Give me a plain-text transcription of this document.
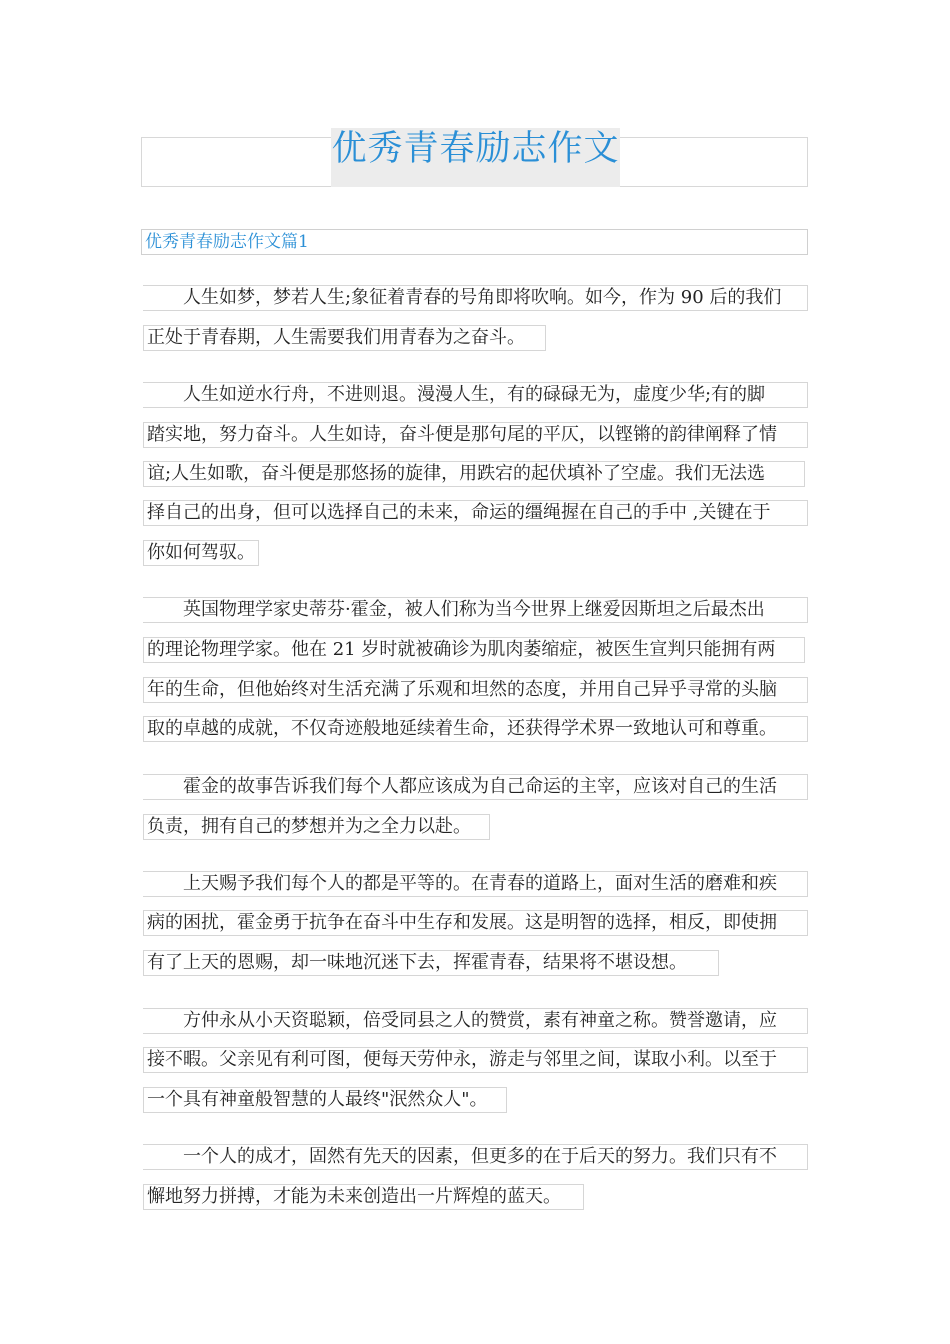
优秀青春励志作文
优秀青春励志作文篇1
人生如梦，梦若人生;象征着青春的号角即将吹响。如今，作为 90 后的我们
正处于青春期，人生需要我们用青春为之奋斗。
人生如逆水行舟，不进则退。漫漫人生，有的碌碌无为，虚度少华;有的脚
踏实地，努力奋斗。人生如诗，奋斗便是那句尾的平仄，以铿锵的韵律阐释了情
谊;人生如歌，奋斗便是那悠扬的旋律，用跌宕的起伏填补了空虚。我们无法选
择自己的出身，但可以选择自己的未来，命运的缰绳握在自己的手中 ,关键在于
你如何驾驭。
英国物理学家史蒂芬·霍金，被人们称为当今世界上继爱因斯坦之后最杰出
的理论物理学家。他在 21 岁时就被确诊为肌肉萎缩症，被医生宣判只能拥有两
年的生命，但他始终对生活充满了乐观和坦然的态度，并用自己异乎寻常的头脑
取的卓越的成就，不仅奇迹般地延续着生命，还获得学术界一致地认可和尊重。
霍金的故事告诉我们每个人都应该成为自己命运的主宰，应该对自己的生活
负责，拥有自己的梦想并为之全力以赴。
上天赐予我们每个人的都是平等的。在青春的道路上，面对生活的磨难和疾
病的困扰，霍金勇于抗争在奋斗中生存和发展。这是明智的选择，相反，即使拥
有了上天的恩赐，却一味地沉迷下去，挥霍青春，结果将不堪设想。
方仲永从小天资聪颖，倍受同县之人的赞赏，素有神童之称。赞誉邀请，应
接不暇。父亲见有利可图，便每天劳仲永，游走与邻里之间，谋取小利。以至于
一个具有神童般智慧的人最终"泯然众人"。
一个人的成才，固然有先天的因素，但更多的在于后天的努力。我们只有不
懈地努力拼搏，才能为未来创造出一片辉煌的蓝天。
